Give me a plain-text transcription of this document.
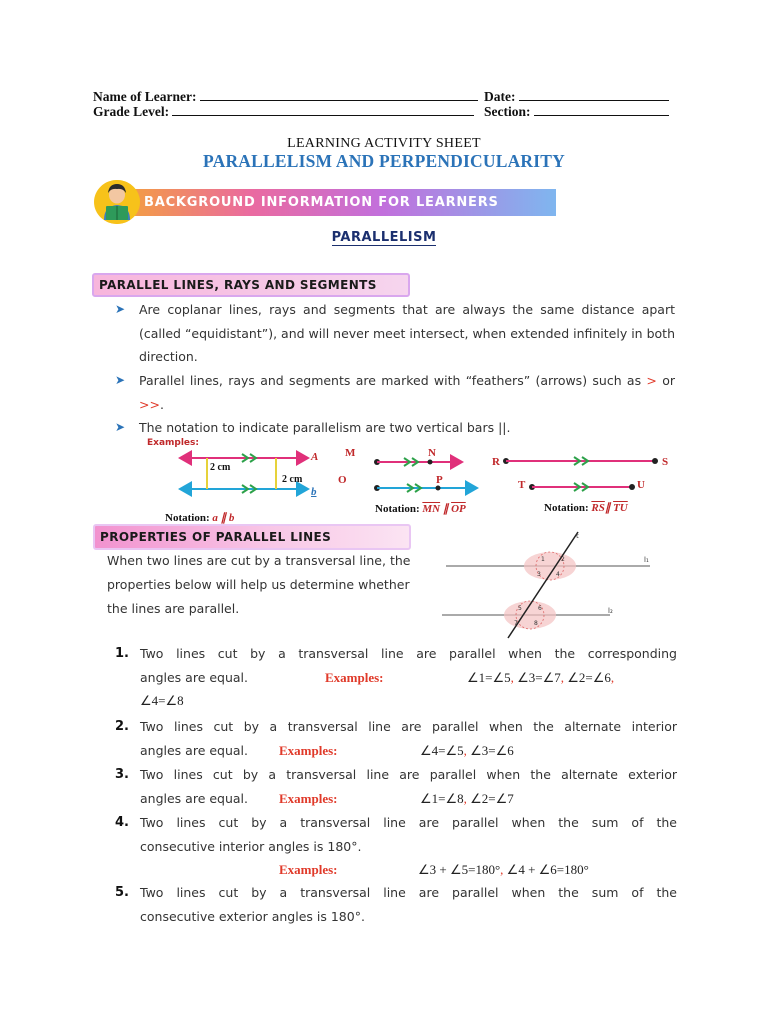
Name of Learner:	Date:
Grade Level:	Section:
LEARNING ACTIVITY SHEET
PARALLELISM AND PERPENDICULARITY
BACKGROUND INFORMATION FOR LEARNERS
PARALLELISM
PARALLEL LINES, RAYS AND SEGMENTS
➤	Are coplanar lines, rays and segments that are always the same distance apart (called “equidistant”), and will never meet intersect, when extended infinitely in both direction.
➤	Parallel lines, rays and segments are marked with “feathers” (arrows) such as > or >>.
➤	The notation to indicate parallelism are two vertical bars ||.
Examples:
2 cm
2 cm
A
b
M	N
O	P
R	S
T	U
Notation: a ∥ b
Notation: $\overline{MN}$ ∥ $\overline{OP}$	Notation: $\overline{RS}\parallel$ $\overline{TU}$
PROPERTIES OF PARALLEL LINES
When two lines are cut by a transversal line, the properties below will help us determine whether the lines are parallel.
t
l₁
l₂
1	2
3	4
5	6
7	8
1. Two lines cut by a transversal line are parallel when the corresponding
angles are equal.	Examples:	∠1=∠5, ∠3=∠7, ∠2=∠6,
∠4=∠8
2. Two lines cut by a transversal line are parallel when the alternate interior
angles are equal. Examples:	∠4=∠5, ∠3=∠6
3. Two lines cut by a transversal line are parallel when the alternate exterior
angles are equal. Examples:	∠1=∠8, ∠2=∠7
4. Two lines cut by a transversal line are parallel when the sum of the
consecutive interior angles is 180°.
Examples:	∠3 + ∠5=180°, ∠4 + ∠6=180°
5. Two lines cut by a transversal line are parallel when the sum of the
consecutive exterior angles is 180°.
